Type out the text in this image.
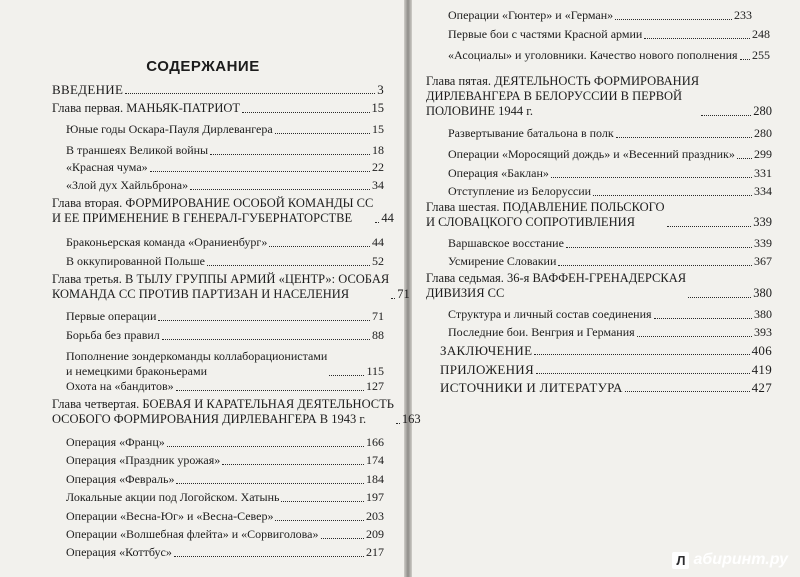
СОДЕРЖАНИЕ
ВВЕДЕНИЕ	3
Глава первая. МАНЬЯК-ПАТРИОТ	15
Юные годы Оскара-Пауля Дирлевангера	15
В траншеях Великой войны	18
«Красная чума»	22
«Злой дух Хайльброна»	34
Глава вторая. ФОРМИРОВАНИЕ ОСОБОЙ КОМАНДЫ СС
И ЕЕ ПРИМЕНЕНИЕ В ГЕНЕРАЛ-ГУБЕРНАТОРСТВЕ	44
Браконьерская команда «Ораниенбург»	44
В оккупированной Польше	52
Глава третья. В ТЫЛУ ГРУППЫ АРМИЙ «ЦЕНТР»: ОСОБАЯ
КОМАНДА СС ПРОТИВ ПАРТИЗАН И НАСЕЛЕНИЯ	71
Первые операции	71
Борьба без правил	88
Пополнение зондеркоманды коллаборационистами
и немецкими браконьерами	115
Охота на «бандитов»	127
Глава четвертая. БОЕВАЯ И КАРАТЕЛЬНАЯ ДЕЯТЕЛЬНОСТЬ
ОСОБОГО ФОРМИРОВАНИЯ ДИРЛЕВАНГЕРА В 1943 г.	163
Операция «Франц»	166
Операция «Праздник урожая»	174
Операция «Февраль»	184
Локальные акции под Логойском. Хатынь	197
Операции «Весна-Юг» и «Весна-Север»	203
Операции «Волшебная флейта» и «Сорвиголова»	209
Операция «Коттбус»	217
Операции «Гюнтер» и «Герман»	233
Первые бои с частями Красной армии	248
«Асоциалы» и уголовники. Качество нового пополнения 255
Глава пятая. ДЕЯТЕЛЬНОСТЬ ФОРМИРОВАНИЯ
ДИРЛЕВАНГЕРА В БЕЛОРУССИИ В ПЕРВОЙ
ПОЛОВИНЕ 1944 г.	280
Развертывание батальона в полк	280
Операции «Моросящий дождь» и «Весенний праздник» 299
Операция «Баклан»	331
Отступление из Белоруссии	334
Глава шестая. ПОДАВЛЕНИЕ ПОЛЬСКОГО
И СЛОВАЦКОГО СОПРОТИВЛЕНИЯ	339
Варшавское восстание	339
Усмирение Словакии	367
Глава седьмая. 36-я ВАФФЕН-ГРЕНАДЕРСКАЯ
ДИВИЗИЯ СС	380
Структура и личный состав соединения	380
Последние бои. Венгрия и Германия	393
ЗАКЛЮЧЕНИЕ	406
ПРИЛОЖЕНИЯ	419
ИСТОЧНИКИ И ЛИТЕРАТУРА	427
Л абиринт.ру
